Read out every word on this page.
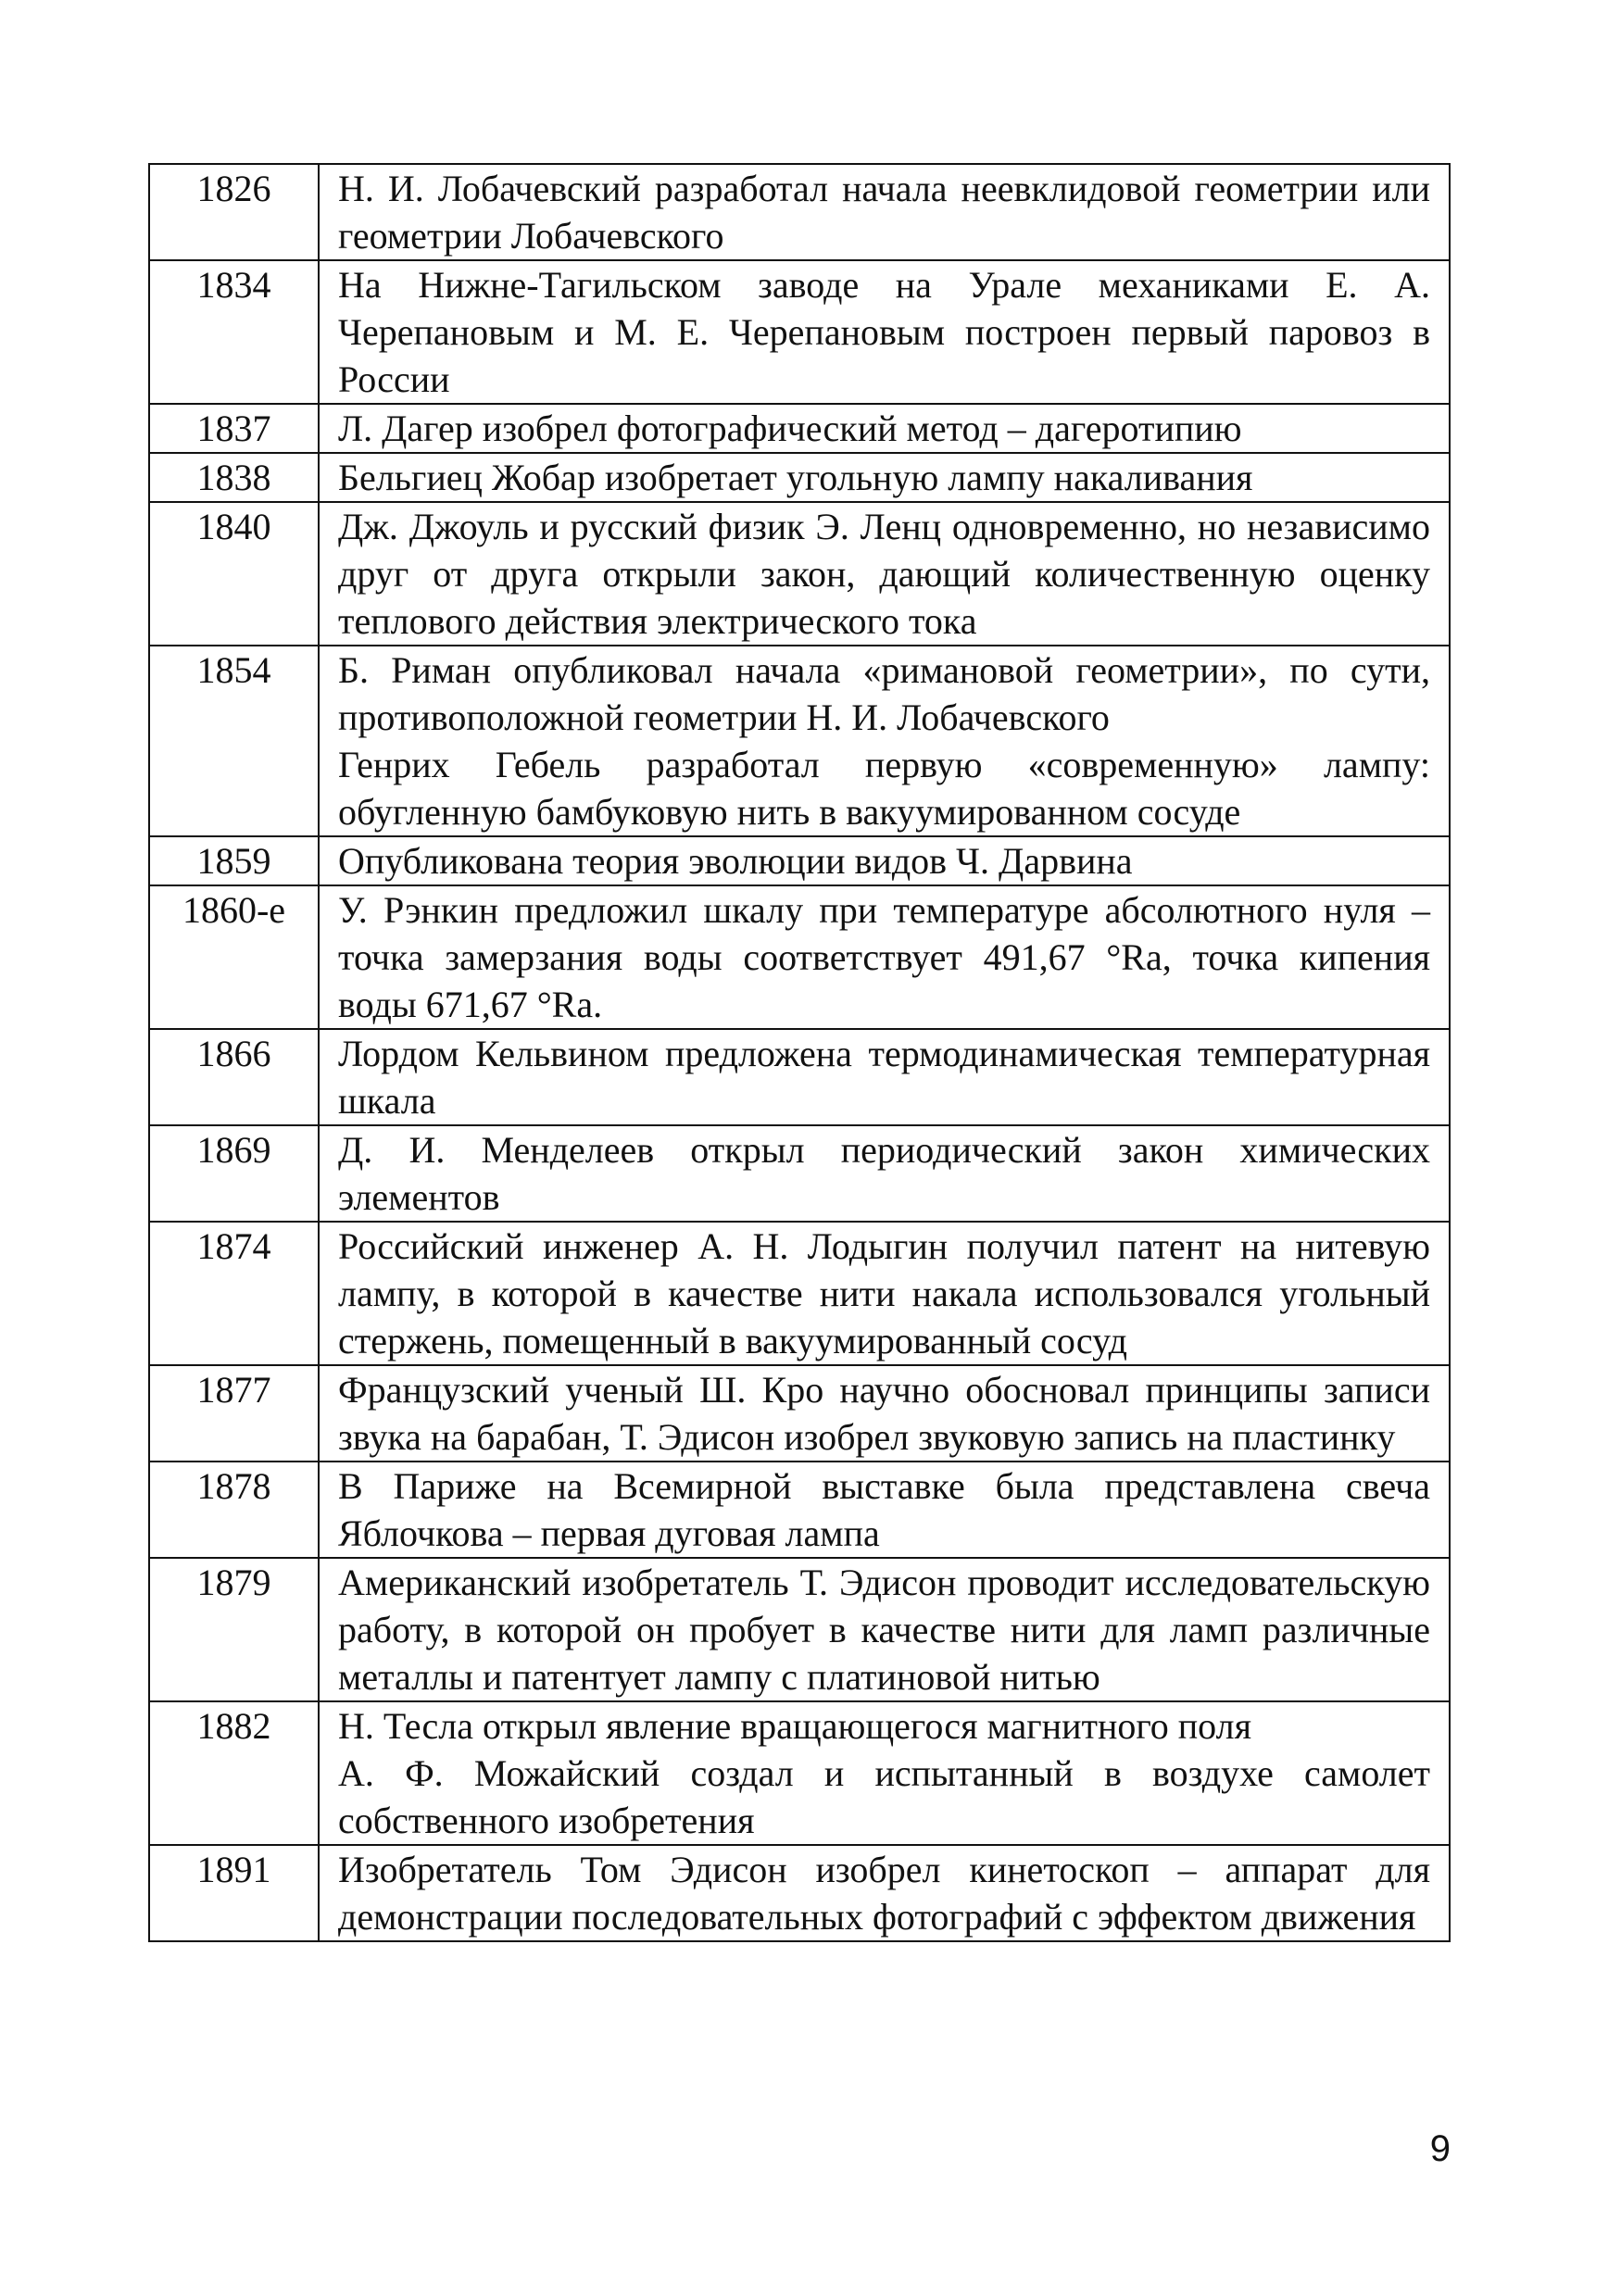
1826	Н. И. Лобачевский разработал начала неевклидовой геометрии или геометрии Лобачевского

1834	На Нижне-Тагильском заводе на Урале механиками Е. А. Черепановым и М. Е. Черепановым построен первый паровоз в России

1837	Л. Дагер изобрел фотографический метод – дагеротипию

1838	Бельгиец Жобар изобретает угольную лампу накаливания

1840	Дж. Джоуль и русский физик Э. Ленц одновременно, но независимо друг от друга открыли закон, дающий количественную оценку теплового действия электрического тока

1854	Б. Риман опубликовал начала «римановой геометрии», по сути, противоположной геометрии Н. И. Лобачевского
Генрих Гебель разработал первую «современную» лампу: обугленную бамбуковую нить в вакуумированном сосуде

1859	Опубликована теория эволюции видов Ч. Дарвина

1860-е	У. Рэнкин предложил шкалу при температуре абсолютного нуля – точка замерзания воды соответствует 491,67 °Ra, точка кипения воды 671,67 °Ra.

1866	Лордом Кельвином предложена термодинамическая температурная шкала

1869	Д. И. Менделеев открыл периодический закон химических элементов

1874	Российский инженер А. Н. Лодыгин получил патент на нитевую лампу, в которой в качестве нити накала использовался угольный стержень, помещенный в вакуумированный сосуд

1877	Французский ученый Ш. Кро научно обосновал принципы записи звука на барабан, Т. Эдисон изобрел звуковую запись на пластинку

1878	В Париже на Всемирной выставке была представлена свеча Яблочкова – первая дуговая лампа

1879	Американский изобретатель Т. Эдисон проводит исследовательскую работу, в которой он пробует в качестве нити для ламп различные металлы и патентует лампу с платиновой нитью

1882	Н. Тесла открыл явление вращающегося магнитного поля
А. Ф. Можайский создал и испытанный в воздухе самолет собственного изобретения

1891	Изобретатель Том Эдисон изобрел кинетоскоп – аппарат для демонстрации последовательных фотографий с эффектом движения
9
